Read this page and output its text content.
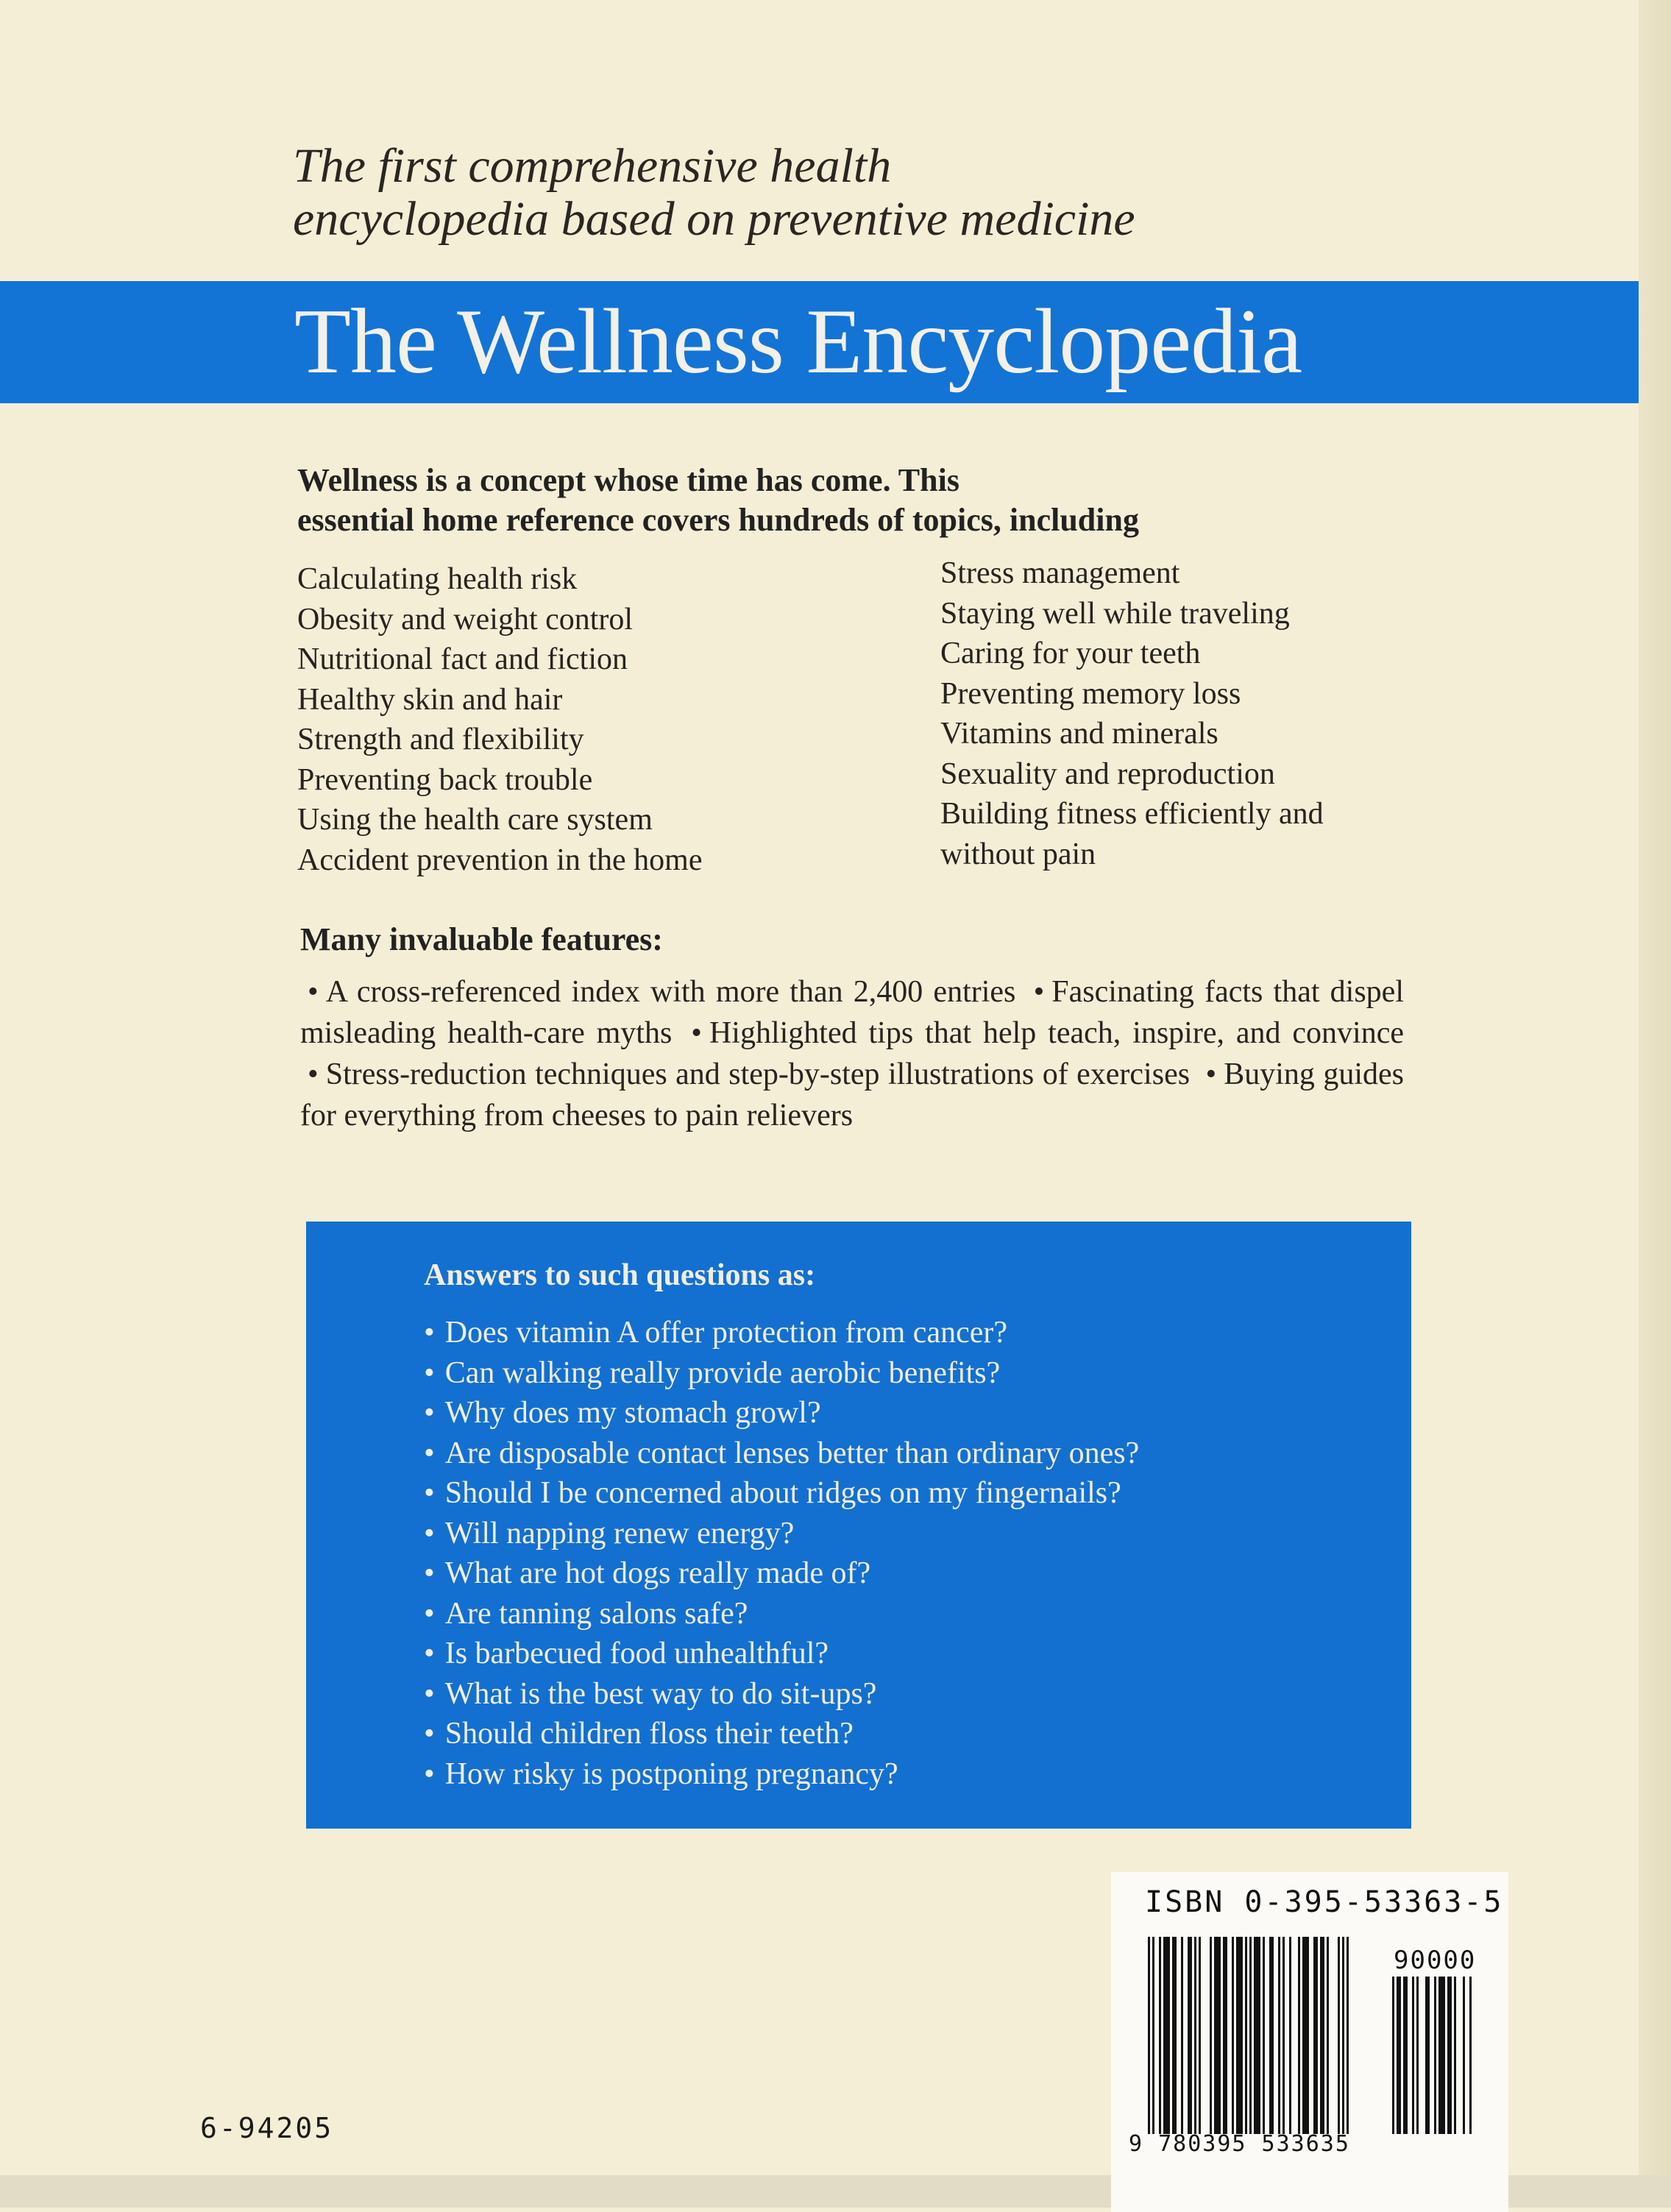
The first comprehensive health
encyclopedia based on preventive medicine
The Wellness Encyclopedia
Wellness is a concept whose time has come. This
essential home reference covers hundreds of topics, including
Calculating health risk
Obesity and weight control
Nutritional fact and fiction
Healthy skin and hair
Strength and flexibility
Preventing back trouble
Using the health care system
Accident prevention in the home
Stress management
Staying well while traveling
Caring for your teeth
Preventing memory loss
Vitamins and minerals
Sexuality and reproduction
Building fitness efficiently and
without pain
Many invaluable features:
• A cross-referenced index with more than 2,400 entries • Fascinating facts that dispel misleading health-care myths • Highlighted tips that help teach, inspire, and convince • Stress-reduction techniques and step-by-step illustrations of exercises • Buying guides for everything from cheeses to pain relievers
Answers to such questions as:
• Does vitamin A offer protection from cancer?
• Can walking really provide aerobic benefits?
• Why does my stomach growl?
• Are disposable contact lenses better than ordinary ones?
• Should I be concerned about ridges on my fingernails?
• Will napping renew energy?
• What are hot dogs really made of?
• Are tanning salons safe?
• Is barbecued food unhealthful?
• What is the best way to do sit-ups?
• Should children floss their teeth?
• How risky is postponing pregnancy?
ISBN 0-395-53363-5
90000
9 780395 533635
6-94205
